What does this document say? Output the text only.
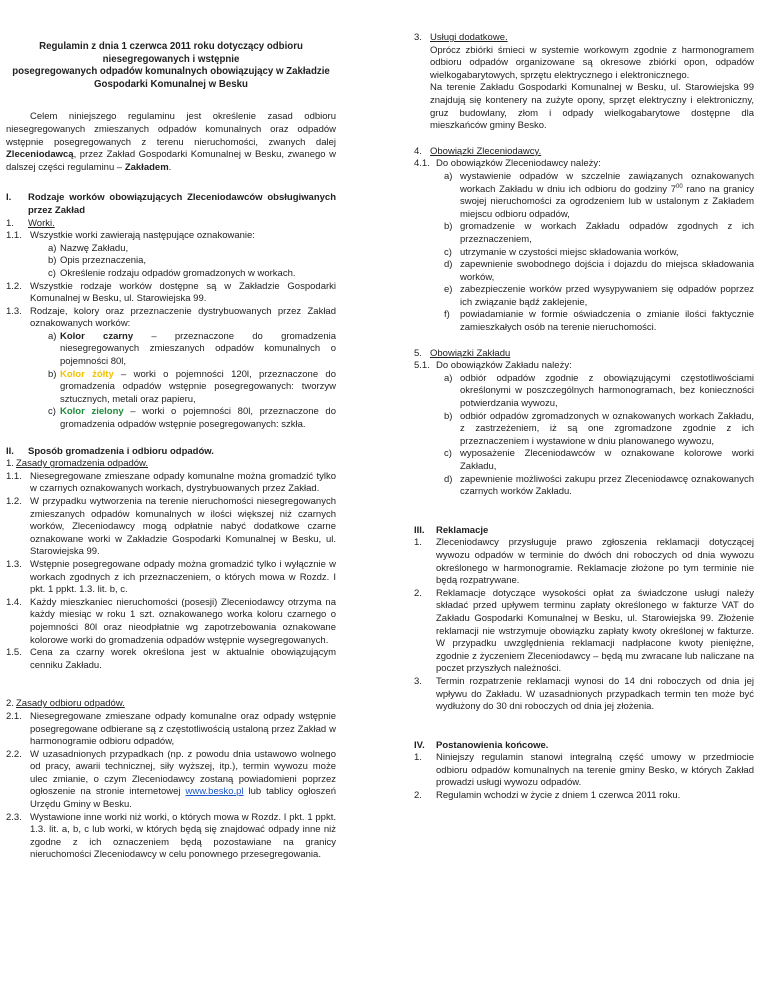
Regulamin z dnia 1 czerwca 2011 roku dotyczący odbioru
niesegregowanych i wstępnie
posegregowanych odpadów komunalnych obowiązujący w Zakładzie
Gospodarki Komunalnej w Besku

Celem niniejszego regulaminu jest określenie zasad odbioru niesegregowanych zmieszanych odpadów komunalnych oraz odpadów wstępnie posegregowanych z terenu nieruchomości, zwanych dalej Zleceniodawcą, przez Zakład Gospodarki Komunalnej w Besku, zwanego w dalszej części regulaminu – Zakładem.

I.	Rodzaje worków obowiązujących Zleceniodawców obsługiwanych przez Zakład
1.	Worki.
1.1. Wszystkie worki zawierają następujące oznakowanie:
a) Nazwę Zakładu,
b) Opis przeznaczenia,
c) Określenie rodzaju odpadów gromadzonych w workach.
1.2. Wszystkie rodzaje worków dostępne są w Zakładzie Gospodarki Komunalnej w Besku, ul. Starowiejska 99.
1.3. Rodzaje, kolory oraz przeznaczenie dystrybuowanych przez Zakład oznakowanych worków:
a) Kolor czarny – przeznaczone do gromadzenia niesegregowanych zmieszanych odpadów komunalnych o pojemności 80l,
b) Kolor żółty – worki o pojemności 120l, przeznaczone do gromadzenia odpadów wstępnie posegregowanych: tworzyw sztucznych, metali oraz papieru,
c) Kolor zielony – worki o pojemności 80l, przeznaczone do gromadzenia odpadów wstępnie posegregowanych: szkła.
II.	Sposób gromadzenia i odbioru odpadów.
1. Zasady gromadzenia odpadów.
1.1. Niesegregowane zmieszane odpady komunalne można gromadzić tylko w czarnych oznakowanych workach, dystrybuowanych przez Zakład.
1.2. W przypadku wytworzenia na terenie nieruchomości niesegregowanych zmieszanych odpadów komunalnych w ilości większej niż czarnych worków, Zleceniodawcy mogą odpłatnie nabyć dodatkowe czarne oznakowane worki w Zakładzie Gospodarki Komunalnej w Besku, ul. Starowiejska 99.
1.3. Wstępnie posegregowane odpady można gromadzić tylko i wyłącznie w workach zgodnych z ich przeznaczeniem, o których mowa w Rozdz. I pkt. 1 ppkt. 1.3. lit. b, c.
1.4. Każdy mieszkaniec nieruchomości (posesji) Zleceniodawcy otrzyma na każdy miesiąc w roku 1 szt. oznakowanego worka koloru czarnego o pojemności 80l oraz nieodpłatnie wg zapotrzebowania oznakowane kolorowe worki do gromadzenia odpadów wstępnie wysegregowanych.
1.5. Cena za czarny worek określona jest w aktualnie obowiązującym cenniku Zakładu.
2. Zasady odbioru odpadów.
2.1. Niesegregowane zmieszane odpady komunalne oraz odpady wstępnie posegregowane odbierane są z częstotliwością ustaloną przez Zakład w harmonogramie odbioru odpadów,
2.2. W uzasadnionych przypadkach (np. z powodu dnia ustawowo wolnego od pracy, awarii technicznej, siły wyższej, itp.), termin wywozu może ulec zmianie, o czym Zleceniodawcy zostaną powiadomieni poprzez ogłoszenie na stronie internetowej www.besko.pl lub tablicy ogłoszeń Urzędu Gminy w Besku.
2.3. Wystawione inne worki niż worki, o których mowa w Rozdz. I pkt. 1 ppkt. 1.3. lit. a, b, c lub worki, w których będą się znajdować odpady inne niż zgodne z ich oznaczeniem będą pozostawiane na granicy nieruchomości Zleceniodawcy w celu ponownego przesegregowania.
3. Usługi dodatkowe.

Oprócz zbiórki śmieci w systemie workowym zgodnie z harmonogramem odbioru odpadów organizowane są okresowe zbiórki opon, odpadów wielkogabarytowych, sprzętu elektrycznego i elektronicznego.

Na terenie Zakładu Gospodarki Komunalnej w Besku, ul. Starowiejska 99 znajdują się kontenery na zużyte opony, sprzęt elektryczny i elektroniczny, gruz budowlany, złom i odpady wielkogabarytowe dostępne dla mieszkańców gminy Besko.

4. Obowiązki Zleceniodawcy.
4.1. Do obowiązków Zleceniodawcy należy:
a) wystawienie odpadów w szczelnie zawiązanych oznakowanych workach Zakładu w dniu ich odbioru do godziny $7^{00}$ rano na granicy swojej nieruchomości za ogrodzeniem lub w ustalonym z Zakładem miejscu odbioru odpadów,
b) gromadzenie w workach Zakładu odpadów zgodnych z ich przeznaczeniem,
c) utrzymanie w czystości miejsc składowania worków,
d) zapewnienie swobodnego dojścia i dojazdu do miejsca składowania worków,
e) zabezpieczenie worków przed wysypywaniem się odpadów poprzez ich związanie bądź zaklejenie,
f)	powiadamianie w formie oświadczenia o zmianie ilości faktycznie zamieszkałych osób na terenie nieruchomości.
5. Obowiązki Zakładu
5.1. Do obowiązków Zakładu należy:
a) odbiór odpadów zgodnie z obowiązującymi częstotliwościami określonymi w poszczególnych harmonogramach, bez konieczności potwierdzania wywozu,
b) odbiór odpadów zgromadzonych w oznakowanych workach Zakładu, z zastrzeżeniem, iż są one zgromadzone zgodnie z ich przeznaczeniem i wystawione w dniu planowanego wywozu,
c) wyposażenie Zleceniodawców w oznakowane kolorowe worki Zakładu,
d) zapewnienie możliwości zakupu przez Zleceniodawcę oznakowanych czarnych worków Zakładu.
III.	Reklamacje
1.	Zleceniodawcy przysługuje prawo zgłoszenia reklamacji dotyczącej wywozu odpadów w terminie do dwóch dni roboczych od dnia wywozu określonego w harmonogramie. Reklamacje złożone po tym terminie nie będą rozpatrywane.
2.	Reklamacje dotyczące wysokości opłat za świadczone usługi należy składać przed upływem terminu zapłaty określonego w fakturze VAT do Zakładu Gospodarki Komunalnej w Besku, ul. Starowiejska 99. Złożenie reklamacji nie wstrzymuje obowiązku zapłaty kwoty określonej w fakturze. W przypadku uwzględnienia reklamacji nadpłacone kwoty pieniężne, zgodnie z życzeniem Zleceniodawcy – będą mu zwracane lub naliczane na poczet przyszłych należności.
3.	Termin rozpatrzenie reklamacji wynosi do 14 dni roboczych od dnia jej wpływu do Zakładu. W uzasadnionych przypadkach termin ten może być wydłużony do 30 dni roboczych od dnia jej złożenia.
IV.	Postanowienia końcowe.
1.	Niniejszy regulamin stanowi integralną część umowy w przedmiocie odbioru odpadów komunalnych na terenie gminy Besko, w których Zakład prowadzi usługi wywozu odpadów.
2.	Regulamin wchodzi w życie z dniem 1 czerwca 2011 roku.
